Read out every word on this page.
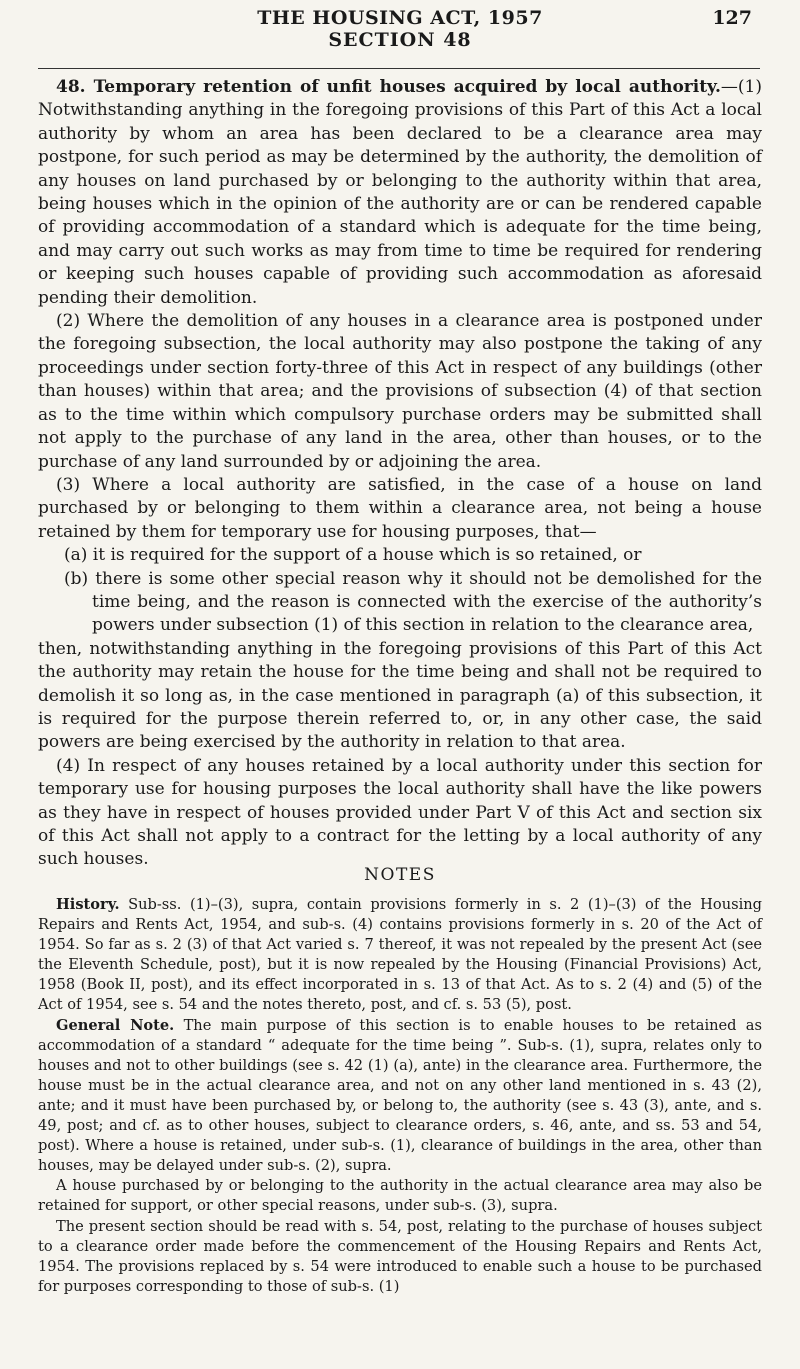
THE HOUSING ACT, 1957
SECTION 48
127

48. Temporary retention of unfit houses acquired by local authority.—(1) Notwithstanding anything in the foregoing provisions of this Part of this Act a local authority by whom an area has been declared to be a clearance area may postpone, for such period as may be determined by the authority, the demolition of any houses on land purchased by or belonging to the authority within that area, being houses which in the opinion of the authority are or can be rendered capable of providing accommodation of a standard which is adequate for the time being, and may carry out such works as may from time to time be required for rendering or keeping such houses capable of providing such accommodation as aforesaid pending their demolition.

(2) Where the demolition of any houses in a clearance area is postponed under the foregoing subsection, the local authority may also postpone the taking of any proceedings under section forty-three of this Act in respect of any buildings (other than houses) within that area; and the provisions of subsection (4) of that section as to the time within which compulsory purchase orders may be submitted shall not apply to the purchase of any land in the area, other than houses, or to the purchase of any land surrounded by or adjoining the area.

(3) Where a local authority are satisfied, in the case of a house on land purchased by or belonging to them within a clearance area, not being a house retained by them for temporary use for housing purposes, that—

(a) it is required for the support of a house which is so retained, or
(b) there is some other special reason why it should not be demolished for the time being, and the reason is connected with the exercise of the authority’s powers under subsection (1) of this section in relation to the clearance area,

then, notwithstanding anything in the foregoing provisions of this Part of this Act the authority may retain the house for the time being and shall not be required to demolish it so long as, in the case mentioned in paragraph (a) of this subsection, it is required for the purpose therein referred to, or, in any other case, the said powers are being exercised by the authority in relation to that area.

(4) In respect of any houses retained by a local authority under this section for temporary use for housing purposes the local authority shall have the like powers as they have in respect of houses provided under Part V of this Act and section six of this Act shall not apply to a contract for the letting by a local authority of any such houses.

NOTES

History. Sub-ss. (1)–(3), supra, contain provisions formerly in s. 2 (1)–(3) of the Housing Repairs and Rents Act, 1954, and sub-s. (4) contains provisions formerly in s. 20 of the Act of 1954. So far as s. 2 (3) of that Act varied s. 7 thereof, it was not repealed by the present Act (see the Eleventh Schedule, post), but it is now repealed by the Housing (Financial Provisions) Act, 1958 (Book II, post), and its effect incorporated in s. 13 of that Act. As to s. 2 (4) and (5) of the Act of 1954, see s. 54 and the notes thereto, post, and cf. s. 53 (5), post.

General Note. The main purpose of this section is to enable houses to be retained as accommodation of a standard “ adequate for the time being ”. Sub-s. (1), supra, relates only to houses and not to other buildings (see s. 42 (1) (a), ante) in the clearance area. Furthermore, the house must be in the actual clearance area, and not on any other land mentioned in s. 43 (2), ante; and it must have been purchased by, or belong to, the authority (see s. 43 (3), ante, and s. 49, post; and cf. as to other houses, subject to clearance orders, s. 46, ante, and ss. 53 and 54, post). Where a house is retained, under sub-s. (1), clearance of buildings in the area, other than houses, may be delayed under sub-s. (2), supra.

A house purchased by or belonging to the authority in the actual clearance area may also be retained for support, or other special reasons, under sub-s. (3), supra.

The present section should be read with s. 54, post, relating to the purchase of houses subject to a clearance order made before the commencement of the Housing Repairs and Rents Act, 1954. The provisions replaced by s. 54 were introduced to enable such a house to be purchased for purposes corresponding to those of sub-s. (1)
